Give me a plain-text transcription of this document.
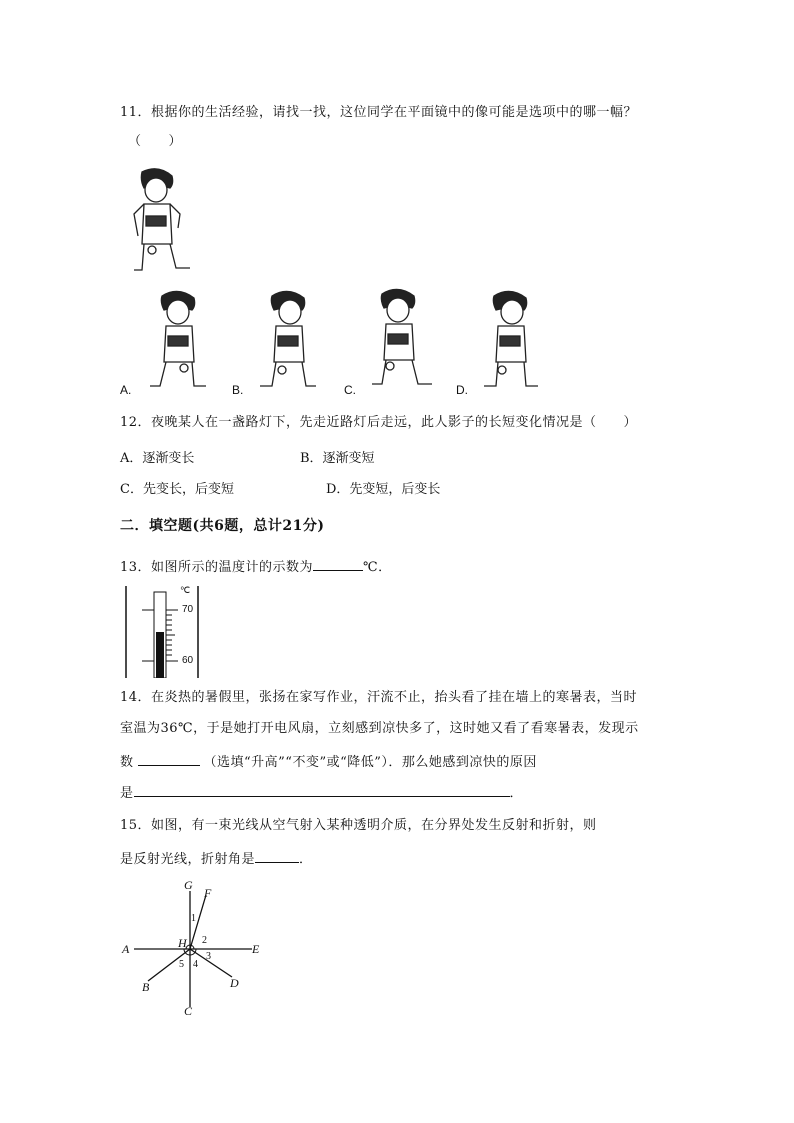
11．根据你的生活经验，请找一找，这位同学在平面镜中的像可能是选项中的哪一幅？
（　　）
A.	B.	C.	D.
12．夜晚某人在一盏路灯下，先走近路灯后走远，此人影子的长短变化情况是（　　）
A．逐渐变长	B．逐渐变短
C．先变长，后变短	D．先变短，后变长
二．填空题(共6题，总计21分)
13．如图所示的温度计的示数为	℃．
℃
70
60
14．在炎热的暑假里，张扬在家写作业，汗流不止，抬头看了挂在墙上的寒暑表，当时
室温为36℃，于是她打开电风扇，立刻感到凉快多了，这时她又看了看寒暑表，发现示
数	（选填“升高”“不变”或“降低”）．那么她感到凉快的原因
是	．
15．如图，有一束光线从空气射入某种透明介质，在分界处发生反射和折射，则
是反射光线，折射角是	．
G
F
1
H 2
E
A
3
5 4
B	D
C
